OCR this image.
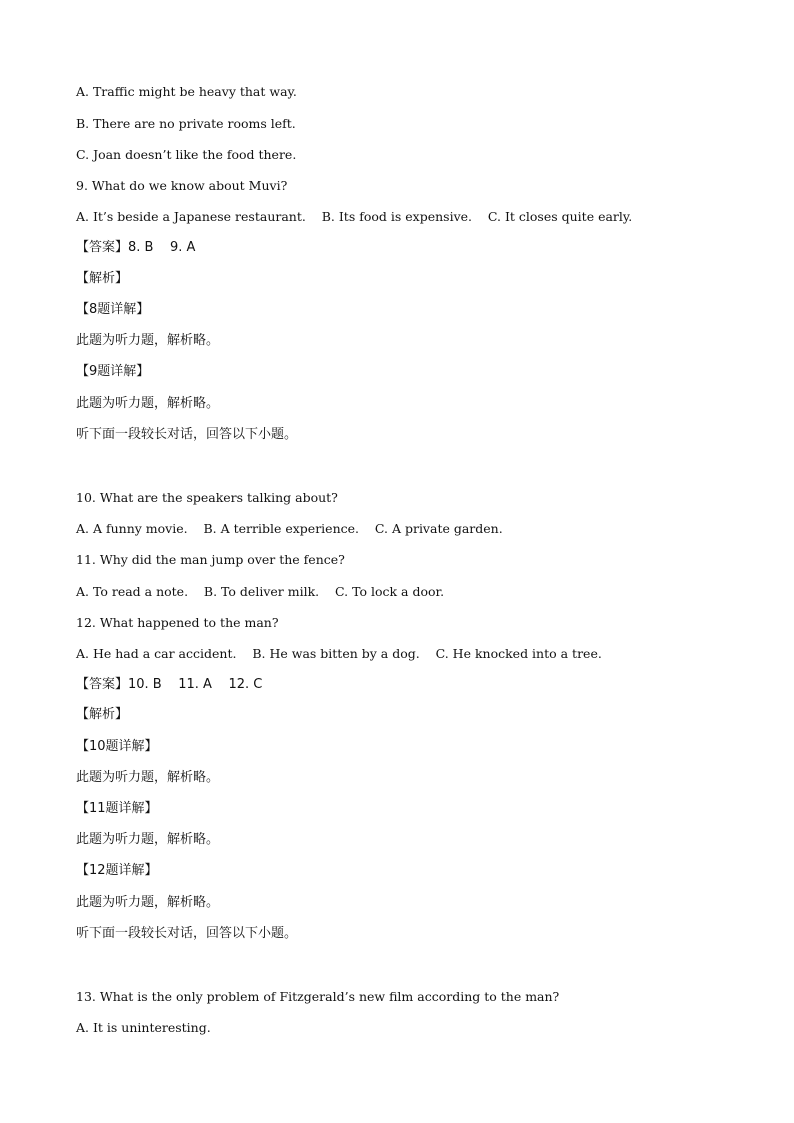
A. Traffic might be heavy that way.
B. There are no private rooms left.
C. Joan doesn’t like the food there.
9. What do we know about Muvi?
A. It’s beside a Japanese restaurant.    B. Its food is expensive.    C. It closes quite early.
【答案】8. B    9. A
【解析】
【8题详解】
此题为听力题，解析略。
【9题详解】
此题为听力题，解析略。
听下面一段较长对话，回答以下小题。
10. What are the speakers talking about?
A. A funny movie.    B. A terrible experience.    C. A private garden.
11. Why did the man jump over the fence?
A. To read a note.    B. To deliver milk.    C. To lock a door.
12. What happened to the man?
A. He had a car accident.    B. He was bitten by a dog.    C. He knocked into a tree.
【答案】10. B    11. A    12. C
【解析】
【10题详解】
此题为听力题，解析略。
【11题详解】
此题为听力题，解析略。
【12题详解】
此题为听力题，解析略。
听下面一段较长对话，回答以下小题。
13. What is the only problem of Fitzgerald’s new film according to the man?
A. It is uninteresting.
